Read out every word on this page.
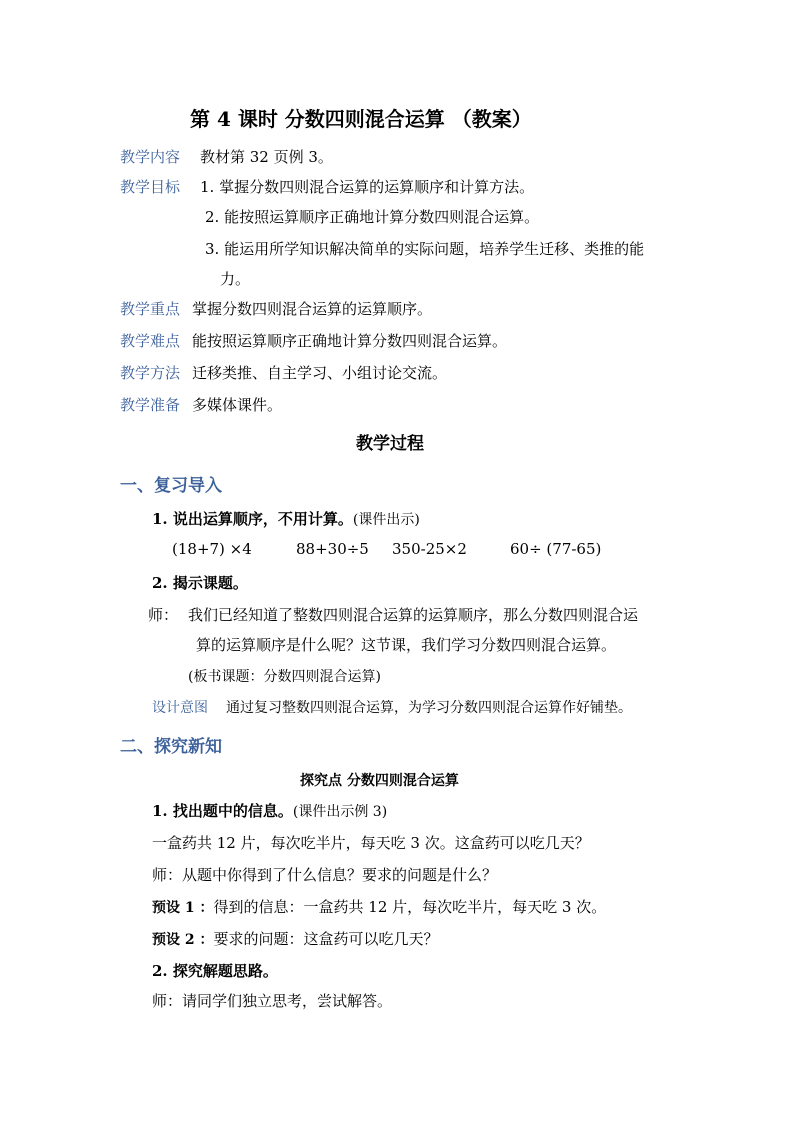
第 4 课时 分数四则混合运算 （教案）
教学内容 教材第 32 页例 3。
教学目标 1. 掌握分数四则混合运算的运算顺序和计算方法。
2. 能按照运算顺序正确地计算分数四则混合运算。
3. 能运用所学知识解决简单的实际问题，培养学生迁移、类推的能
力。
教学重点 掌握分数四则混合运算的运算顺序。
教学难点 能按照运算顺序正确地计算分数四则混合运算。
教学方法 迁移类推、自主学习、小组讨论交流。
教学准备 多媒体课件。
教学过程
一、复习导入
1. 说出运算顺序，不用计算。(课件出示)
(18+7) ×4	88+30÷5 350-25×2	60÷ (77-65)
2. 揭示课题。
师： 我们已经知道了整数四则混合运算的运算顺序，那么分数四则混合运
算的运算顺序是什么呢？这节课，我们学习分数四则混合运算。
(板书课题：分数四则混合运算)
设计意图 通过复习整数四则混合运算，为学习分数四则混合运算作好铺垫。
二、探究新知
探究点 分数四则混合运算
1. 找出题中的信息。(课件出示例 3)
一盒药共 12 片，每次吃半片，每天吃 3 次。这盒药可以吃几天？
师：从题中你得到了什么信息？要求的问题是什么？
预设 1 ：得到的信息：一盒药共 12 片，每次吃半片，每天吃 3 次。
预设 2 ：要求的问题：这盒药可以吃几天？
2. 探究解题思路。
师：请同学们独立思考，尝试解答。
